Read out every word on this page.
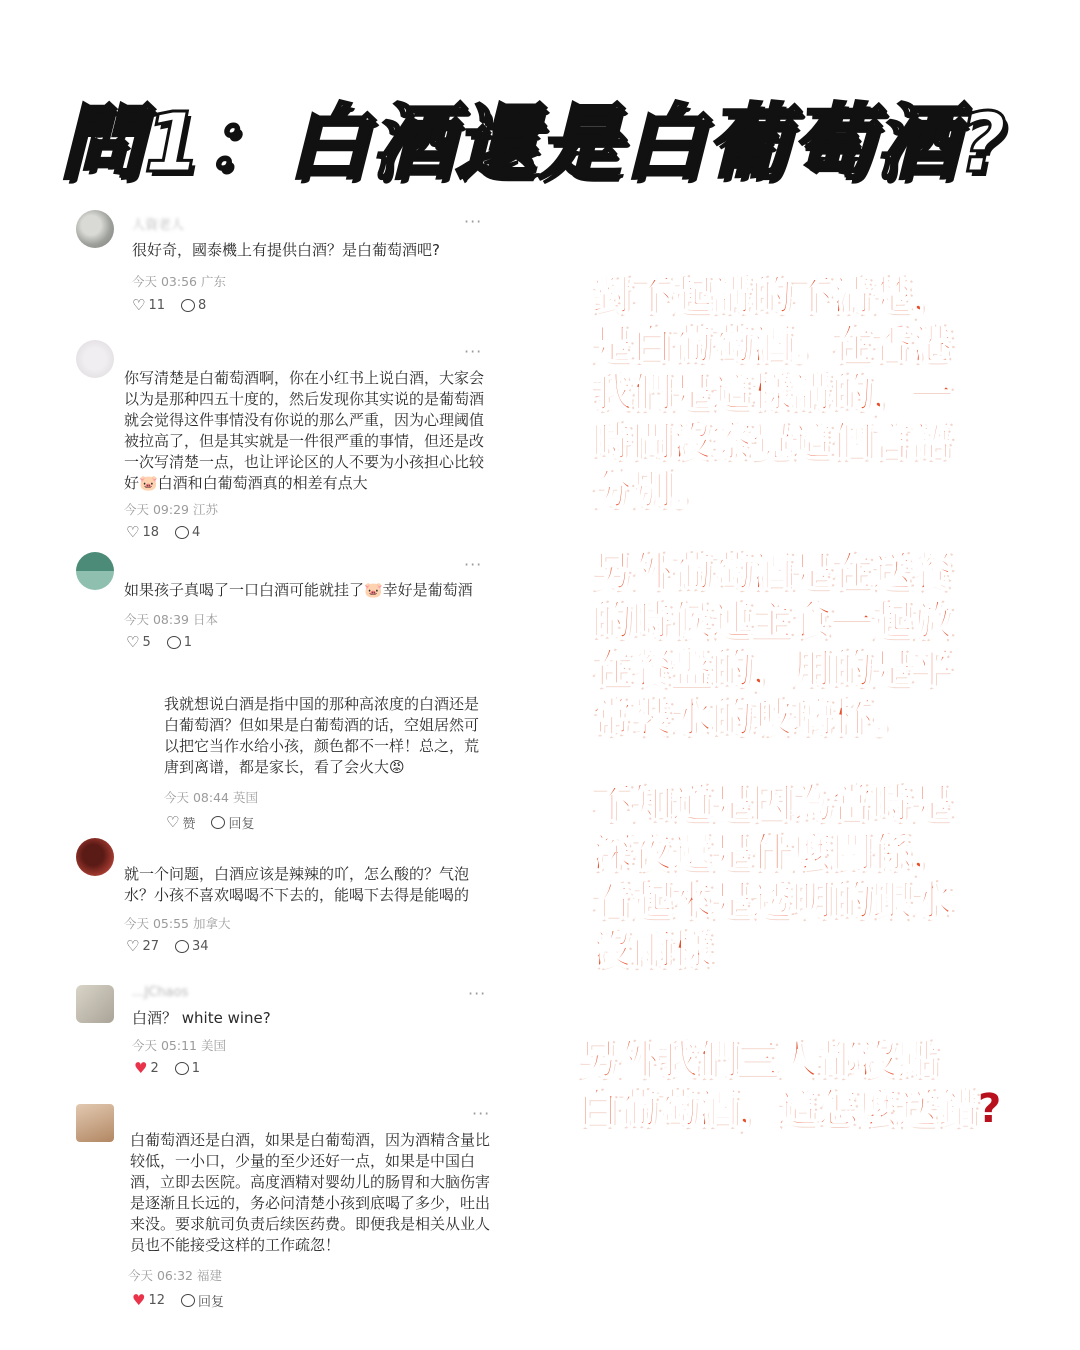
問1：白酒還是白葡萄酒?
人資老人	···
很好奇，國泰機上有提供白酒？是白葡萄酒吧?
今天 03:56 广东
♡ 11	8
···
你写清楚是白葡萄酒啊，你在小红书上说白酒，大家会以为是那种四五十度的，然后发现你其实说的是葡萄酒就会觉得这件事情没有你说的那么严重，因为心理阈值被拉高了，但是其实就是一件很严重的事情，但还是改一次写清楚一点，也让评论区的人不要为小孩担心比较好🐷白酒和白葡萄酒真的相差有点大
今天 09:29 江苏
♡ 18	4
···
如果孩子真喝了一口白酒可能就挂了🐷幸好是葡萄酒
今天 08:39 日本
♡ 5	1
我就想说白酒是指中国的那种高浓度的白酒还是白葡萄酒？但如果是白葡萄酒的话，空姐居然可以把它当作水给小孩，颜色都不一样！总之，荒唐到离谱，都是家长，看了会火大😡
今天 08:44 英国
♡ 赞	回复
就一个问题，白酒应该是辣辣的吖，怎么酸的？气泡水？小孩不喜欢喝喝不下去的，能喝下去得是能喝的
今天 05:55 加拿大
♡ 27	34
...JChaos	···
白酒？ white wine?
今天 05:11 美国
♥ 2	1
···
白葡萄酒还是白酒，如果是白葡萄酒，因为酒精含量比较低，一小口，少量的至少还好一点，如果是中国白酒，立即去医院。高度酒精对婴幼儿的肠胃和大脑伤害是逐渐且长远的，务必问清楚小孩到底喝了多少，吐出来没。要求航司负责后续医药费。即便我是相关从业人员也不能接受这样的工作疏忽！
今天 06:32 福建
♥ 12	回复
對不起講的不清楚，
是白葡萄酒。在香港
我們是這樣講的，一
時間沒察覺這個言語
分別。
另外葡萄酒是在送餐
的時候連主食一起放
在餐盤的，用的是平
常裝水的玻璃杯。
不知道是因為當時是
深夜還是什麼關係，
看起來是透明的跟水
沒兩樣
另外我們三人都沒點
白葡萄酒，這怎麼送錯?
